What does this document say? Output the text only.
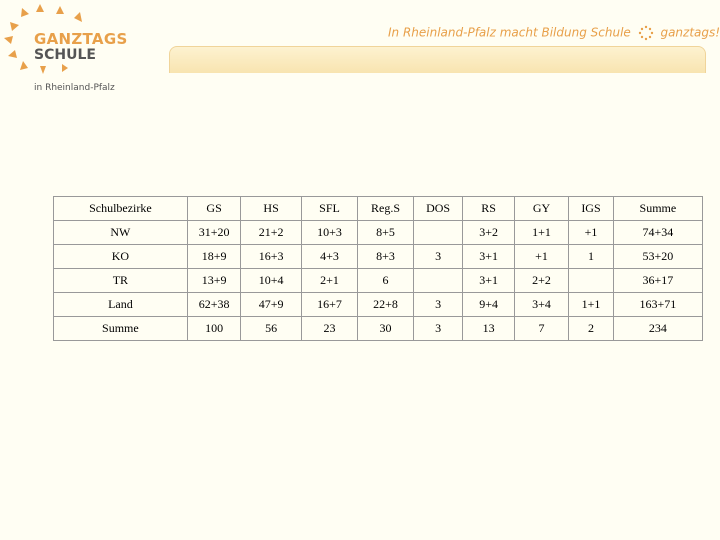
GANZTAGS
SCHULE
in Rheinland-Pfalz
In Rheinland-Pfalz macht Bildung Schule ganztags!
Schulbezirke	GS	HS	SFL	Reg.S	DOS	RS	GY	IGS	Summe
NW	31+20	21+2	10+3	8+5		3+2	1+1	+1	74+34
KO	18+9	16+3	4+3	8+3	3	3+1	+1	1	53+20
TR	13+9	10+4	2+1	6		3+1	2+2		36+17
Land	62+38	47+9	16+7	22+8	3	9+4	3+4	1+1	163+71
Summe	100	56	23	30	3	13	7	2	234
